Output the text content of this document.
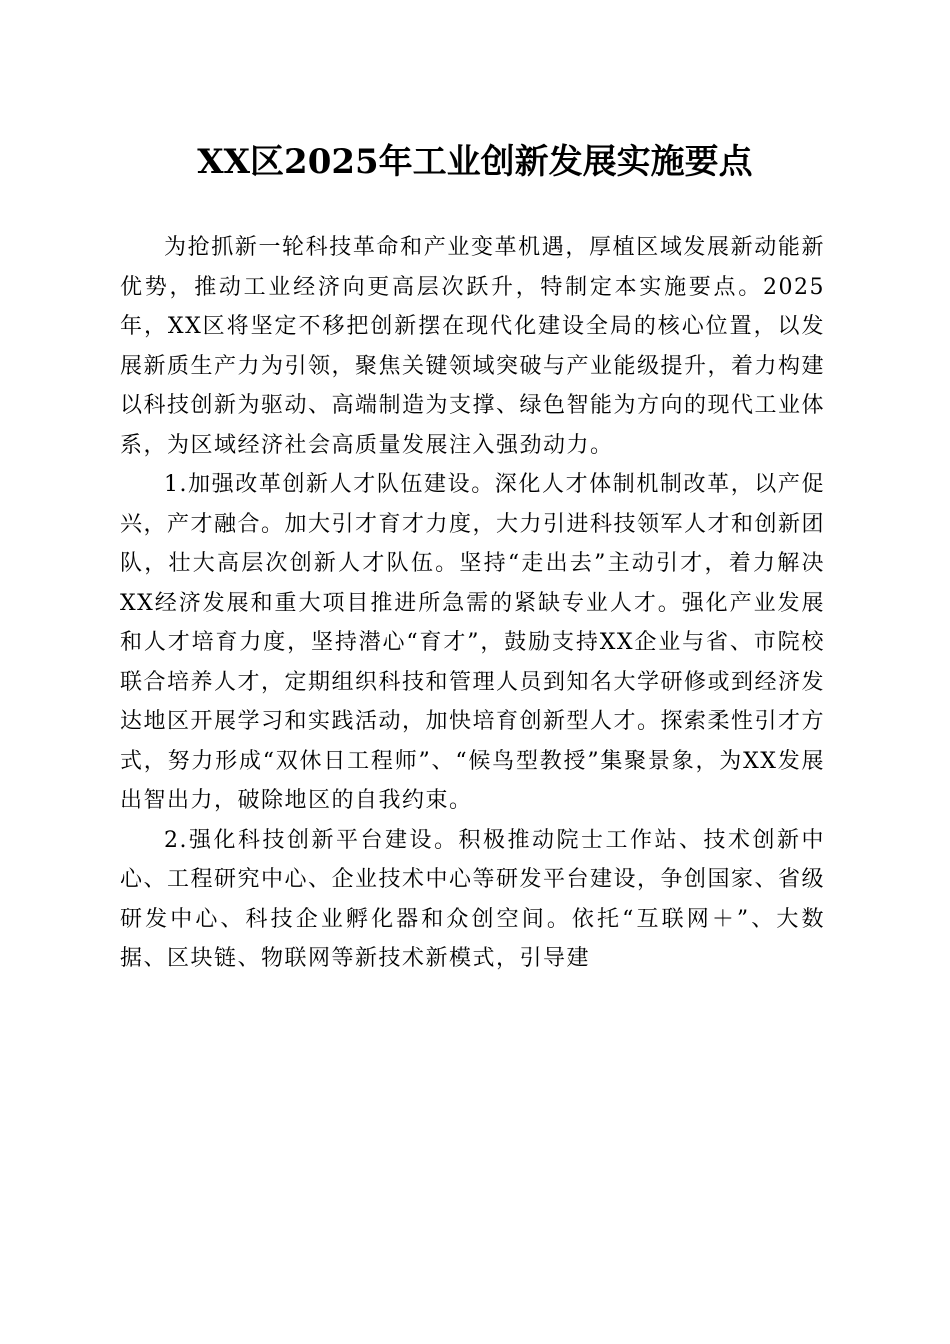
XX区2025年工业创新发展实施要点

为抢抓新一轮科技革命和产业变革机遇，厚植区域发展新动能新优势，推动工业经济向更高层次跃升，特制定本实施要点。2025年，XX区将坚定不移把创新摆在现代化建设全局的核心位置，以发展新质生产力为引领，聚焦关键领域突破与产业能级提升，着力构建以科技创新为驱动、高端制造为支撑、绿色智能为方向的现代工业体系，为区域经济社会高质量发展注入强劲动力。

1.加强改革创新人才队伍建设。深化人才体制机制改革，以产促兴，产才融合。加大引才育才力度，大力引进科技领军人才和创新团队，壮大高层次创新人才队伍。坚持“走出去”主动引才，着力解决XX经济发展和重大项目推进所急需的紧缺专业人才。强化产业发展和人才培育力度，坚持潜心“育才”，鼓励支持XX企业与省、市院校联合培养人才，定期组织科技和管理人员到知名大学研修或到经济发达地区开展学习和实践活动，加快培育创新型人才。探索柔性引才方式，努力形成“双休日工程师”、“候鸟型教授”集聚景象，为XX发展出智出力，破除地区的自我约束。

2.强化科技创新平台建设。积极推动院士工作站、技术创新中心、工程研究中心、企业技术中心等研发平台建设，争创国家、省级研发中心、科技企业孵化器和众创空间。依托“互联网＋”、大数据、区块链、物联网等新技术新模式，引导建
